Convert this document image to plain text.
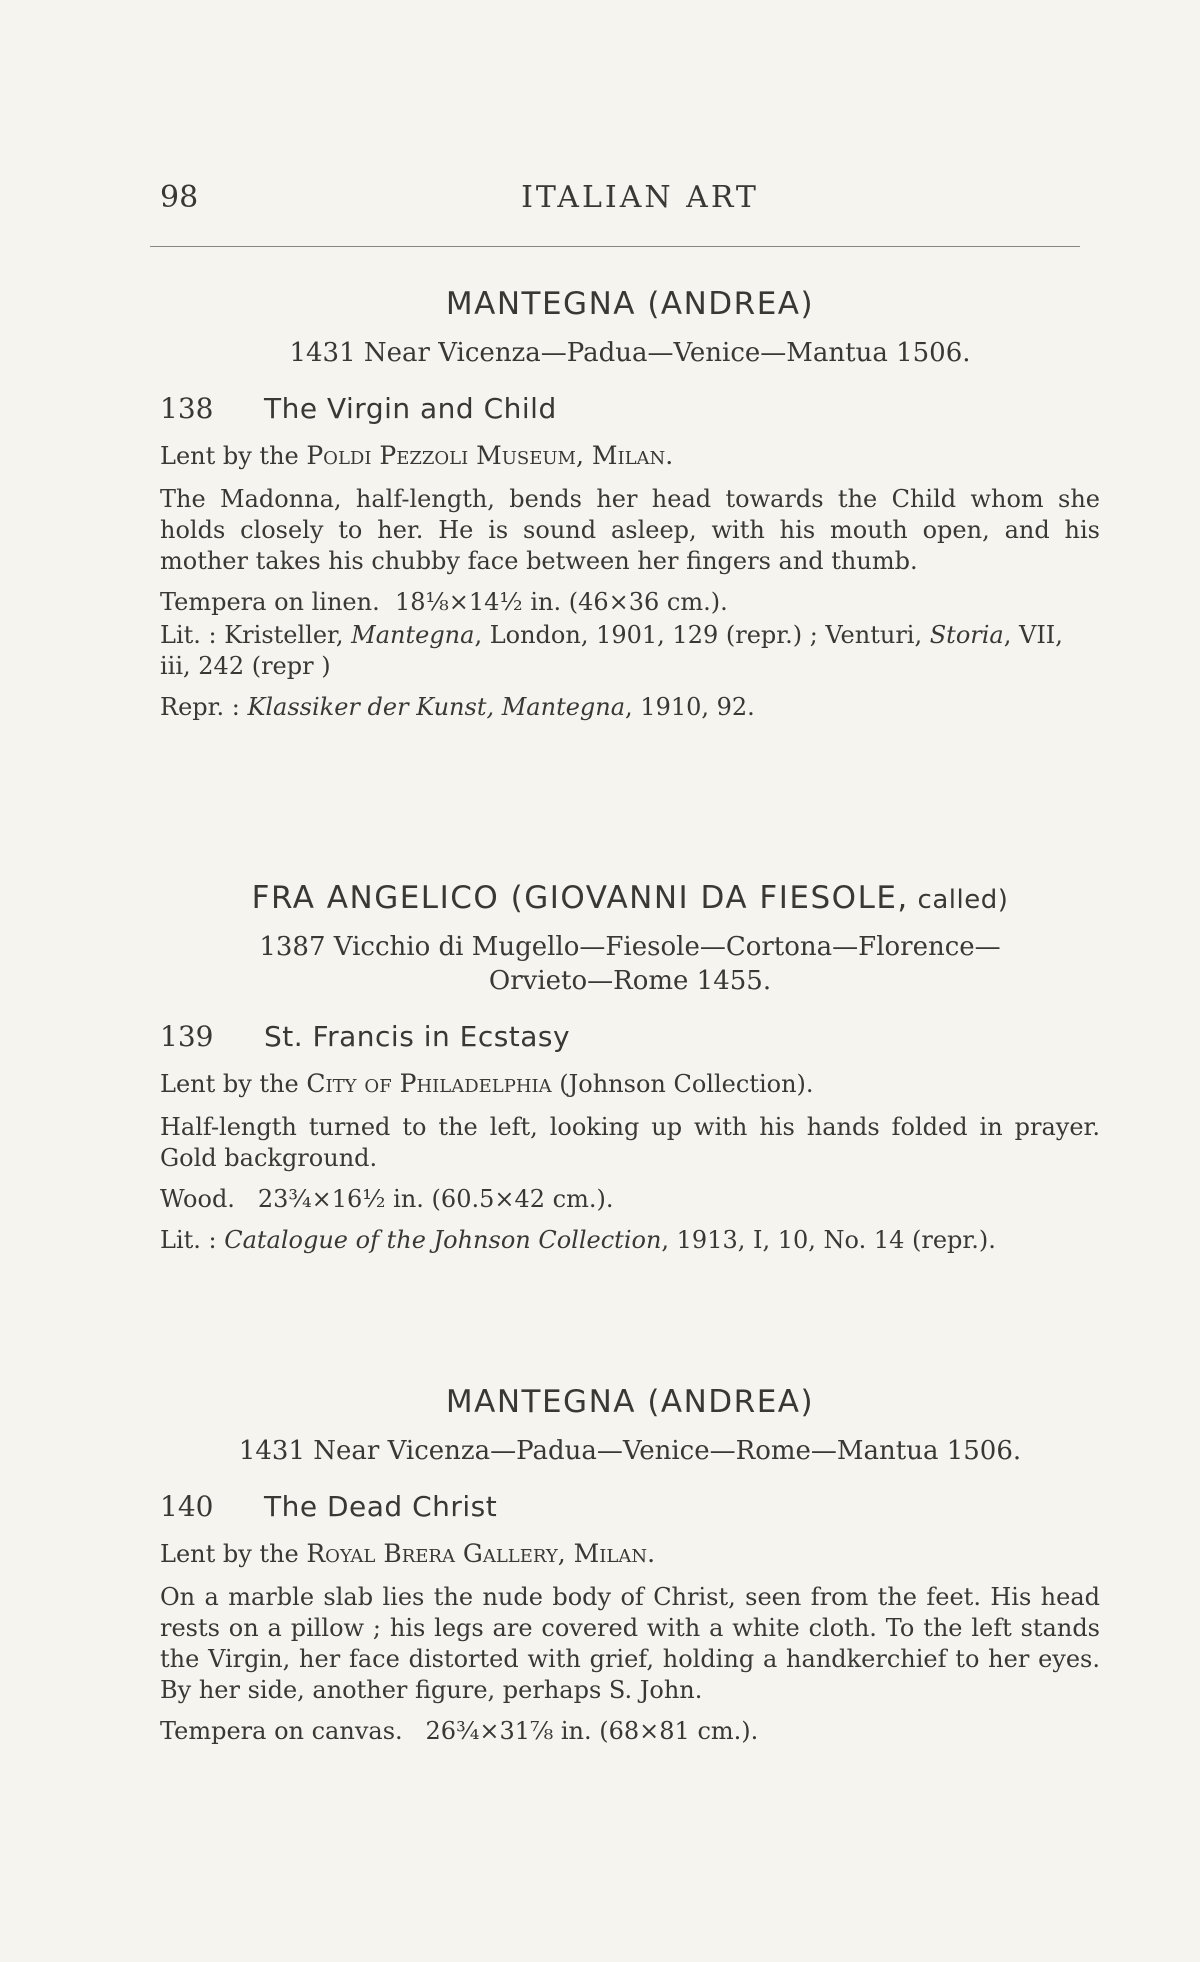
98	ITALIAN ART
MANTEGNA (ANDREA)
1431 Near Vicenza—Padua—Venice—Mantua 1506.
138	The Virgin and Child
Lent by the Poldi Pezzoli Museum, Milan.
The Madonna, half-length, bends her head towards the Child whom she holds closely to her. He is sound asleep, with his mouth open, and his mother takes his chubby face between her fingers and thumb.
Tempera on linen. 18⅛×14½ in. (46×36 cm.).
Lit. : Kristeller, Mantegna, London, 1901, 129 (repr.) ; Venturi, Storia, VII, iii, 242 (repr )
Repr. : Klassiker der Kunst, Mantegna, 1910, 92.
FRA ANGELICO (GIOVANNI DA FIESOLE, called)
1387 Vicchio di Mugello—Fiesole—Cortona—Florence—
Orvieto—Rome 1455.
139	St. Francis in Ecstasy
Lent by the City of Philadelphia (Johnson Collection).
Half-length turned to the left, looking up with his hands folded in prayer. Gold background.
Wood. 23¾×16½ in. (60.5×42 cm.).
Lit. : Catalogue of the Johnson Collection, 1913, I, 10, No. 14 (repr.).
MANTEGNA (ANDREA)
1431 Near Vicenza—Padua—Venice—Rome—Mantua 1506.
140	The Dead Christ
Lent by the Royal Brera Gallery, Milan.
On a marble slab lies the nude body of Christ, seen from the feet. His head rests on a pillow ; his legs are covered with a white cloth. To the left stands the Virgin, her face distorted with grief, holding a handkerchief to her eyes. By her side, another figure, perhaps S. John.
Tempera on canvas. 26¾×31⅞ in. (68×81 cm.).
